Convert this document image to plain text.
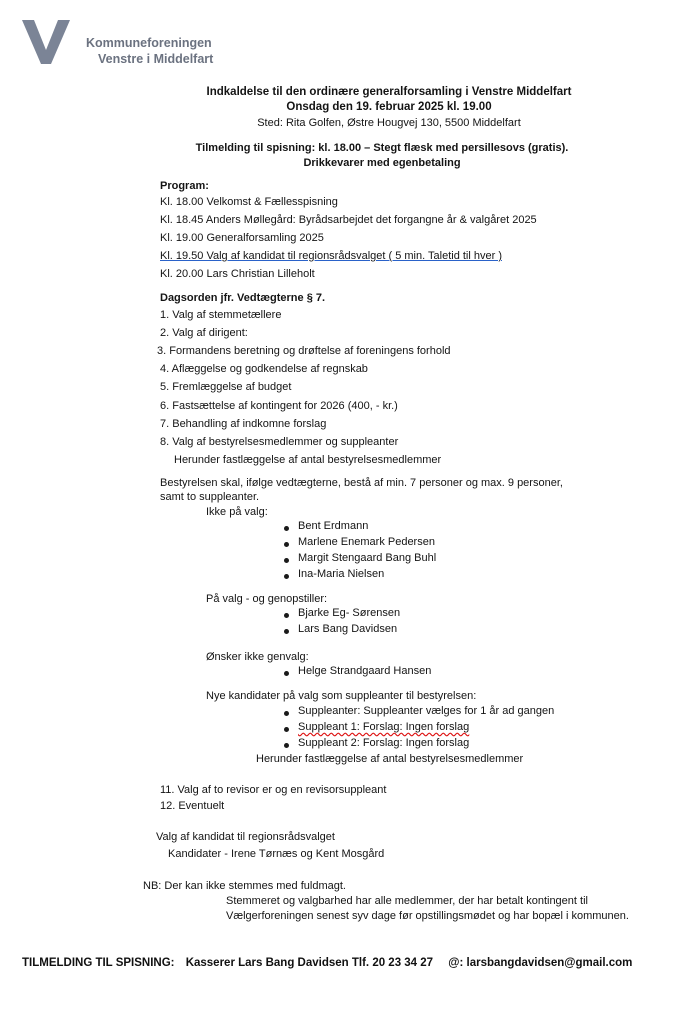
Kommuneforeningen
Venstre i Middelfart
Indkaldelse til den ordinære generalforsamling i Venstre Middelfart
Onsdag den 19. februar 2025 kl. 19.00
Sted: Rita Golfen, Østre Hougvej 130, 5500 Middelfart
Tilmelding til spisning: kl. 18.00 – Stegt flæsk med persillesovs (gratis).
Drikkevarer med egenbetaling
Program:
Kl. 18.00 Velkomst & Fællesspisning
Kl. 18.45 Anders Møllegård: Byrådsarbejdet det forgangne år & valgåret 2025
Kl. 19.00 Generalforsamling 2025
Kl. 19.50 Valg af kandidat til regionsrådsvalget ( 5 min. Taletid til hver )
Kl. 20.00 Lars Christian Lilleholt
Dagsorden jfr. Vedtægterne § 7.
1. Valg af stemmetællere
2. Valg af dirigent:
3. Formandens beretning og drøftelse af foreningens forhold
4. Aflæggelse og godkendelse af regnskab
5. Fremlæggelse af budget
6. Fastsættelse af kontingent for 2026 (400, - kr.)
7. Behandling af indkomne forslag
8. Valg af bestyrelsesmedlemmer og suppleanter
Herunder fastlæggelse af antal bestyrelsesmedlemmer
Bestyrelsen skal, ifølge vedtægterne, bestå af min. 7 personer og max. 9 personer,
samt to suppleanter.
Ikke på valg:
Bent Erdmann
Marlene Enemark Pedersen
Margit Stengaard Bang Buhl
Ina-Maria Nielsen
På valg - og genopstiller:
Bjarke Eg- Sørensen
Lars Bang Davidsen
Ønsker ikke genvalg:
Helge Strandgaard Hansen
Nye kandidater på valg som suppleanter til bestyrelsen:
Suppleanter: Suppleanter vælges for 1 år ad gangen
Suppleant 1: Forslag: Ingen forslag
Suppleant 2: Forslag: Ingen forslag
Herunder fastlæggelse af antal bestyrelsesmedlemmer
11. Valg af to revisor er og en revisorsuppleant
12. Eventuelt
Valg af kandidat til regionsrådsvalget
Kandidater - Irene Tørnæs og Kent Mosgård
NB: Der kan ikke stemmes med fuldmagt.
Stemmeret og valgbarhed har alle medlemmer, der har betalt kontingent til
Vælgerforeningen senest syv dage før opstillingsmødet og har bopæl i kommunen.
TILMELDING TIL SPISNING: Kasserer Lars Bang Davidsen Tlf. 20 23 34 27 @: larsbangdavidsen@gmail.com
